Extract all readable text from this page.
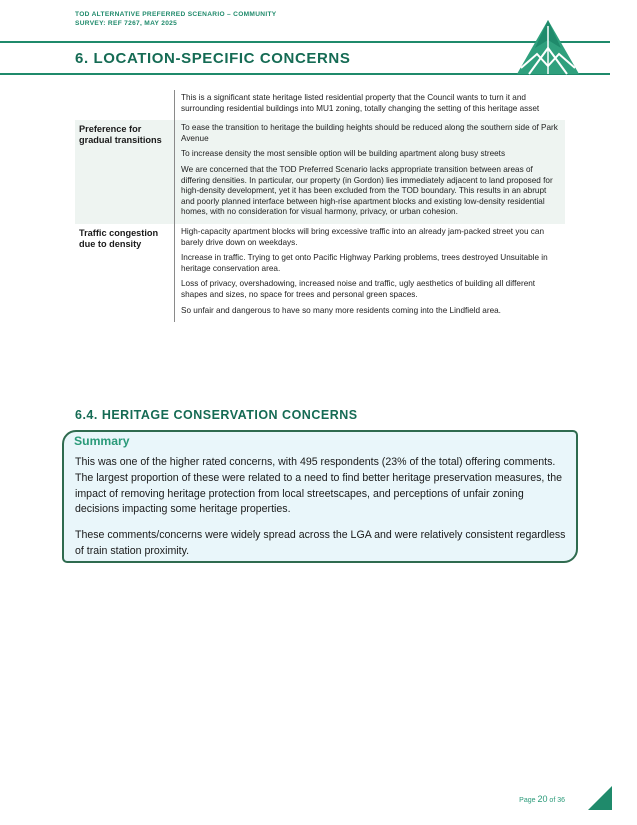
TOD ALTERNATIVE PREFERRED SCENARIO – COMMUNITY
SURVEY: REF 7267, MAY 2025
6. LOCATION-SPECIFIC CONCERNS

This is a significant state heritage listed residential property that the Council wants to turn it and surrounding residential buildings into MU1 zoning, totally changing the setting of this heritage asset

Preference for gradual transitions

To ease the transition to heritage the building heights should be reduced along the southern side of Park Avenue

To increase density the most sensible option will be building apartment along busy streets

We are concerned that the TOD Preferred Scenario lacks appropriate transition between areas of differing densities. In particular, our property (in Gordon) lies immediately adjacent to land proposed for high-density development, yet it has been excluded from the TOD boundary. This results in an abrupt and poorly planned interface between high-rise apartment blocks and existing low-density residential homes, with no consideration for visual harmony, privacy, or urban cohesion.

Traffic congestion due to density

High-capacity apartment blocks will bring excessive traffic into an already jam-packed street you can barely drive down on weekdays.

Increase in traffic. Trying to get onto Pacific Highway Parking problems, trees destroyed Unsuitable in heritage conservation area.

Loss of privacy, overshadowing, increased noise and traffic, ugly aesthetics of building all different shapes and sizes, no space for trees and personal green spaces.

So unfair and dangerous to have so many more residents coming into the Lindfield area.

6.4. HERITAGE CONSERVATION CONCERNS
Summary

This was one of the higher rated concerns, with 495 respondents (23% of the total) offering comments. The largest proportion of these were related to a need to find better heritage preservation measures, the impact of removing heritage protection from local streetscapes, and perceptions of unfair zoning decisions impacting some heritage properties.

These comments/concerns were widely spread across the LGA and were relatively consistent regardless of train station proximity.

Page 20 of 36
